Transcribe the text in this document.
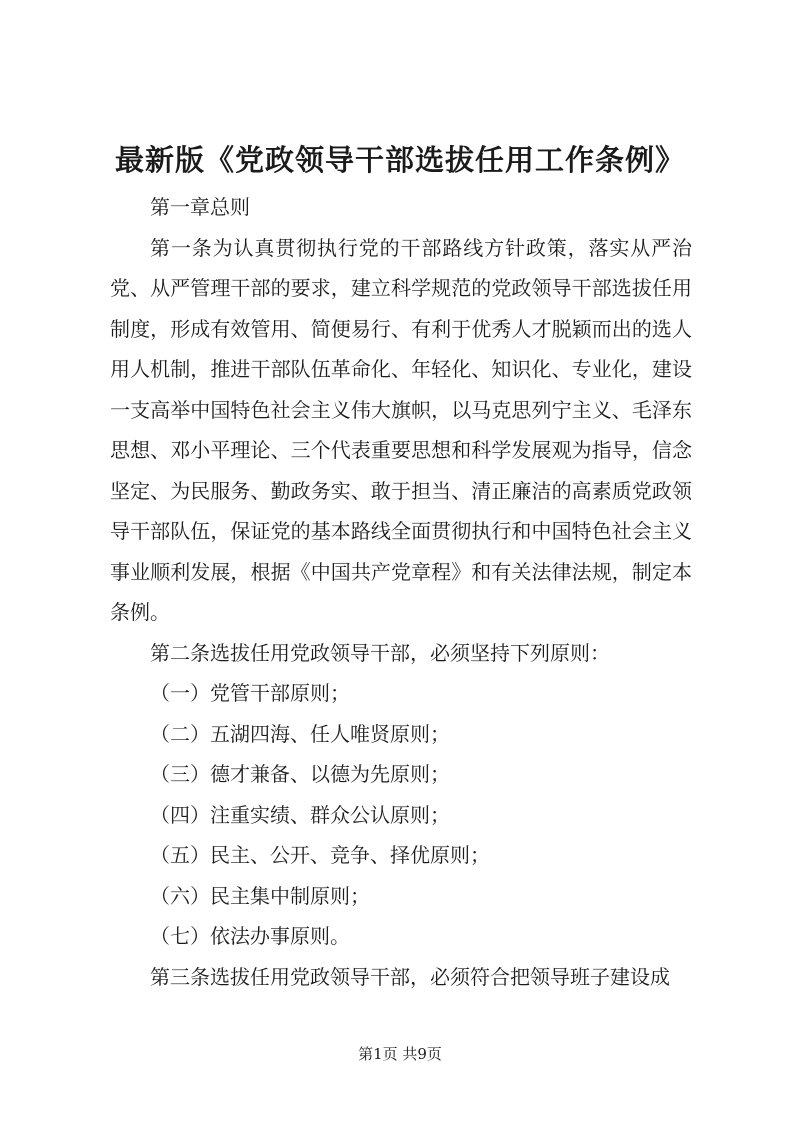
最新版《党政领导干部选拔任用工作条例》

第一章总则

第一条为认真贯彻执行党的干部路线方针政策，落实从严治党、从严管理干部的要求，建立科学规范的党政领导干部选拔任用制度，形成有效管用、简便易行、有利于优秀人才脱颖而出的选人用人机制，推进干部队伍革命化、年轻化、知识化、专业化，建设一支高举中国特色社会主义伟大旗帜，以马克思列宁主义、毛泽东思想、邓小平理论、三个代表重要思想和科学发展观为指导，信念坚定、为民服务、勤政务实、敢于担当、清正廉洁的高素质党政领导干部队伍，保证党的基本路线全面贯彻执行和中国特色社会主义事业顺利发展，根据《中国共产党章程》和有关法律法规，制定本条例。

第二条选拔任用党政领导干部，必须坚持下列原则：

（一）党管干部原则；

（二）五湖四海、任人唯贤原则；

（三）德才兼备、以德为先原则；

（四）注重实绩、群众公认原则；

（五）民主、公开、竞争、择优原则；

（六）民主集中制原则；

（七）依法办事原则。

第三条选拔任用党政领导干部，必须符合把领导班子建设成

第1页 共9页
